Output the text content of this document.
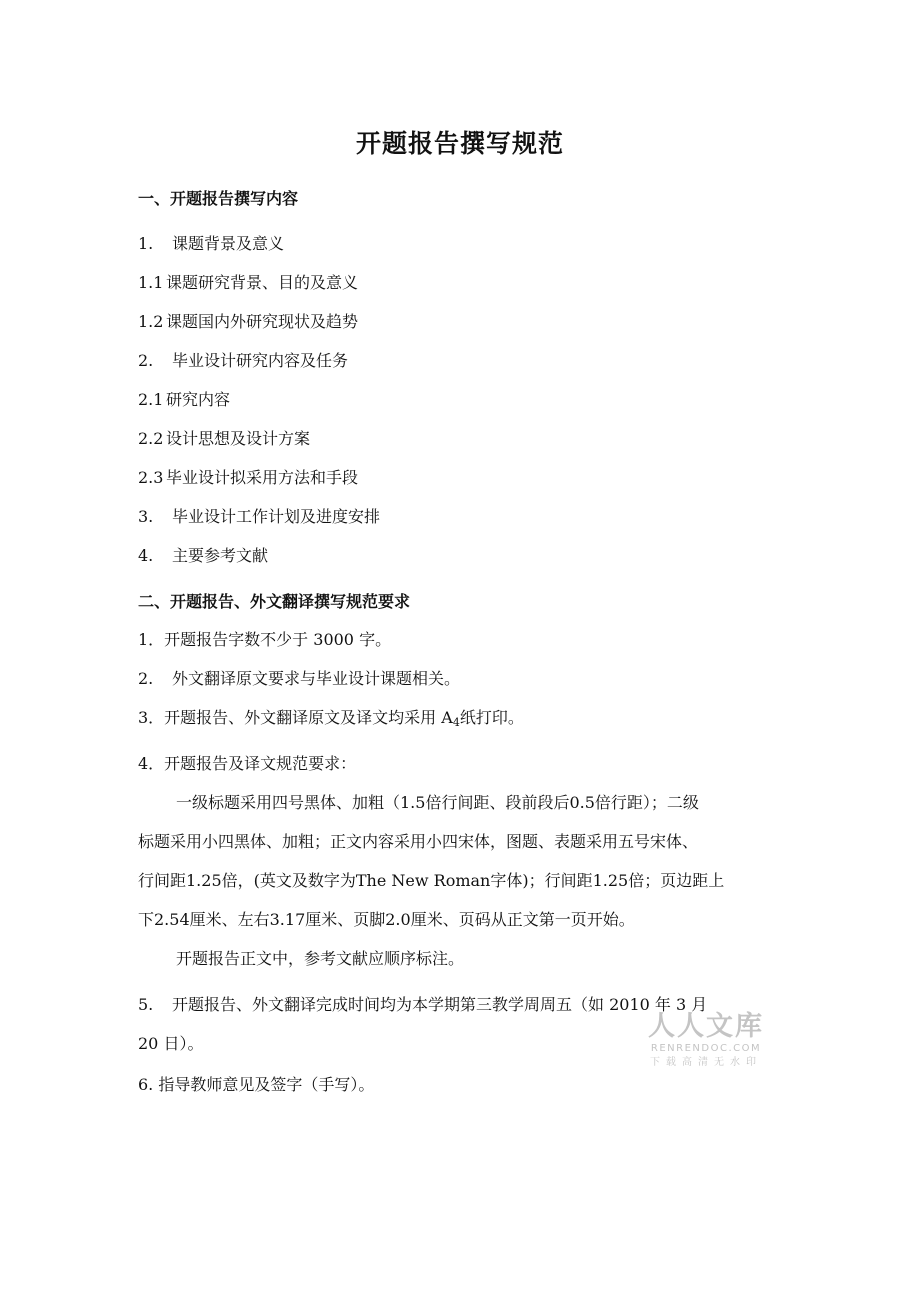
开题报告撰写规范
一、开题报告撰写内容
1. 课题背景及意义
1.1 课题研究背景、目的及意义
1.2 课题国内外研究现状及趋势
2. 毕业设计研究内容及任务
2.1 研究内容
2.2 设计思想及设计方案
2.3 毕业设计拟采用方法和手段
3. 毕业设计工作计划及进度安排
4. 主要参考文献
二、开题报告、外文翻译撰写规范要求
1．开题报告字数不少于 3000 字。
2. 外文翻译原文要求与毕业设计课题相关。
3．开题报告、外文翻译原文及译文均采用 $A_4$纸打印。
4．开题报告及译文规范要求：
一级标题采用四号黑体、加粗（1.5倍行间距、段前段后0.5倍行距）；二级
标题采用小四黑体、加粗；正文内容采用小四宋体，图题、表题采用五号宋体、
行间距1.25倍，(英文及数字为The New Roman字体)；行间距1.25倍；页边距上
下2.54厘米、左右3.17厘米、页脚2.0厘米、页码从正文第一页开始。
开题报告正文中，参考文献应顺序标注。
5. 开题报告、外文翻译完成时间均为本学期第三教学周周五（如 2010 年 3 月
20 日）。
6. 指导教师意见及签字（手写）。
人人文库
RENRENDOC.COM
下载高清无水印
